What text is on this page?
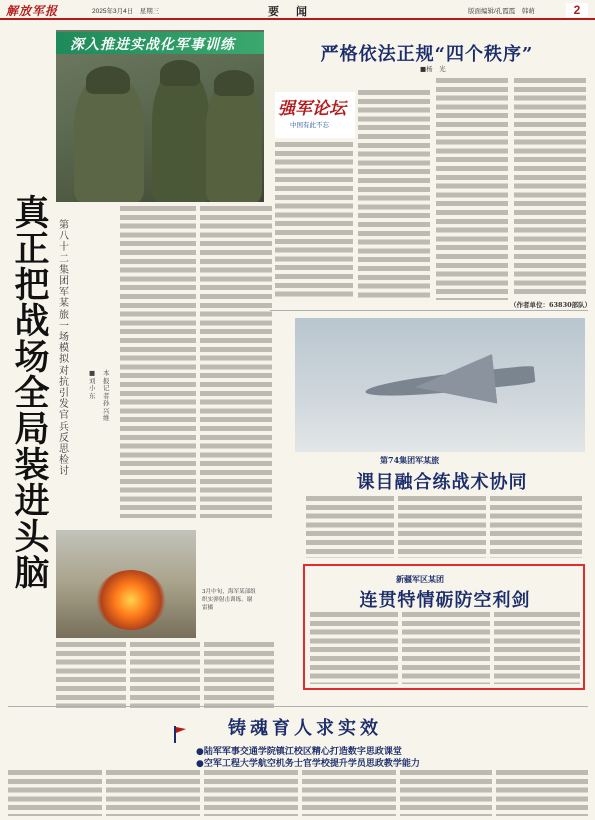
解放军报	2025年3月4日　星期三	要　闻	版面编辑/孔霞霞　韩萌	2
深入推进实战化军事训练
真正把战场全局装进头脑
第八十二集团军某旅一场模拟对抗引发官兵反思检讨
■刘小东
本报记者　孙兴维
严格依法正规“四个秩序”
■杨　光
强军论坛
中国有此不忘
（作者单位：63830部队）
第74集团军某旅
课目融合练战术协同
新疆军区某团
连贯特情砺防空利剑
3月中旬，海军某部组织实弹射击训练。谢雷摄
铸魂育人求实效
●陆军军事交通学院镇江校区精心打造数字思政课堂
●空军工程大学航空机务士官学校提升学员思政教学能力
